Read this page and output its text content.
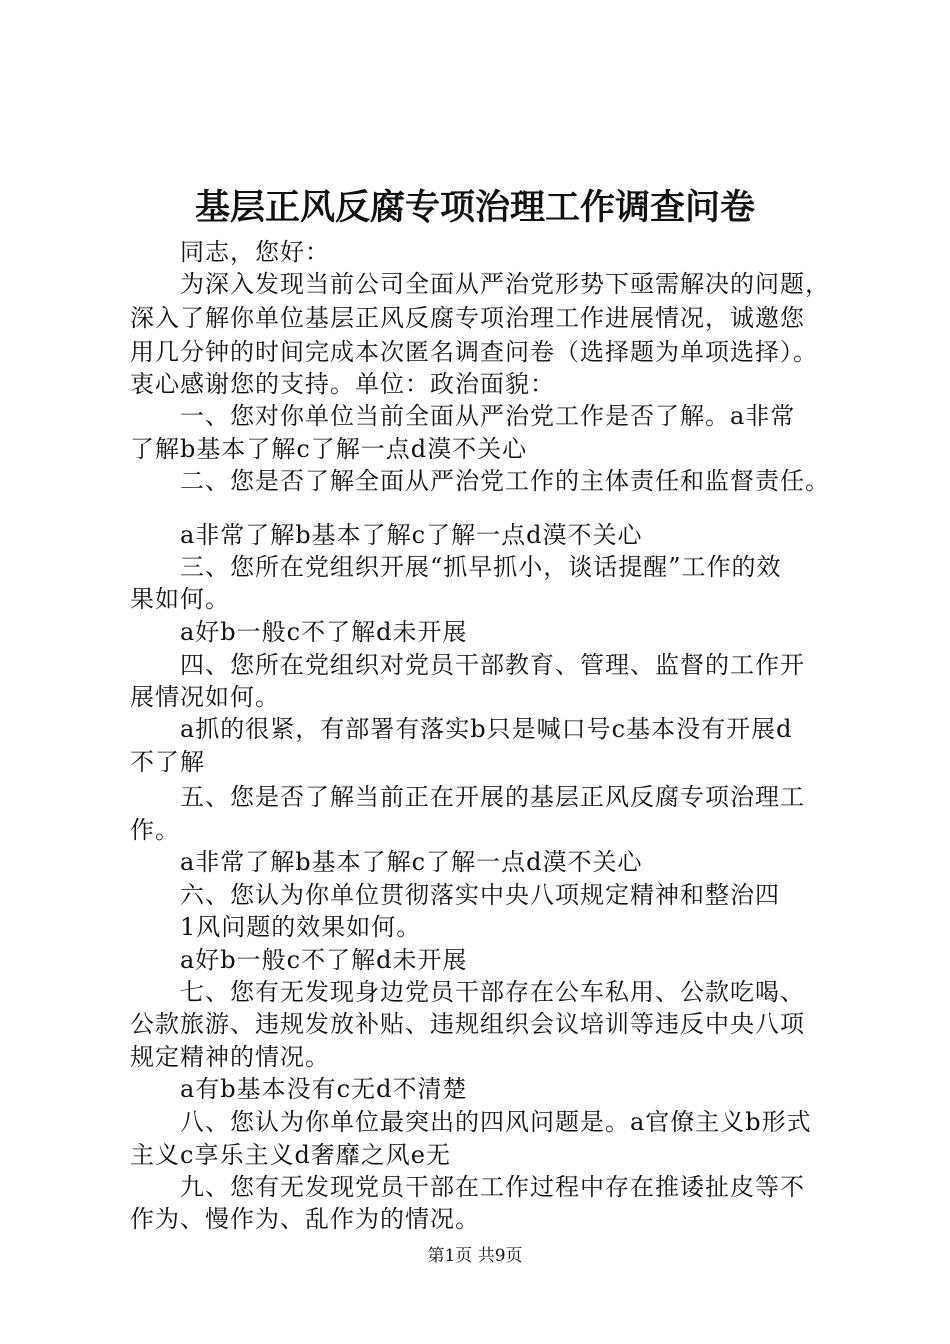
基层正风反腐专项治理工作调查问卷
同志，您好：
为深入发现当前公司全面从严治党形势下亟需解决的问题，
深入了解你单位基层正风反腐专项治理工作进展情况，诚邀您
用几分钟的时间完成本次匿名调查问卷（选择题为单项选择）。
衷心感谢您的支持。单位：政治面貌：
一、您对你单位当前全面从严治党工作是否了解。a非常
了解b基本了解c了解一点d漠不关心
二、您是否了解全面从严治党工作的主体责任和监督责任。
a非常了解b基本了解c了解一点d漠不关心
三、您所在党组织开展“抓早抓小，谈话提醒”工作的效
果如何。
a好b一般c不了解d未开展
四、您所在党组织对党员干部教育、管理、监督的工作开
展情况如何。
a抓的很紧，有部署有落实b只是喊口号c基本没有开展d
不了解
五、您是否了解当前正在开展的基层正风反腐专项治理工
作。
a非常了解b基本了解c了解一点d漠不关心
六、您认为你单位贯彻落实中央八项规定精神和整治四
1风问题的效果如何。
a好b一般c不了解d未开展
七、您有无发现身边党员干部存在公车私用、公款吃喝、
公款旅游、违规发放补贴、违规组织会议培训等违反中央八项
规定精神的情况。
a有b基本没有c无d不清楚
八、您认为你单位最突出的四风问题是。a官僚主义b形式
主义c享乐主义d奢靡之风e无
九、您有无发现党员干部在工作过程中存在推诿扯皮等不
作为、慢作为、乱作为的情况。
第1页 共9页
